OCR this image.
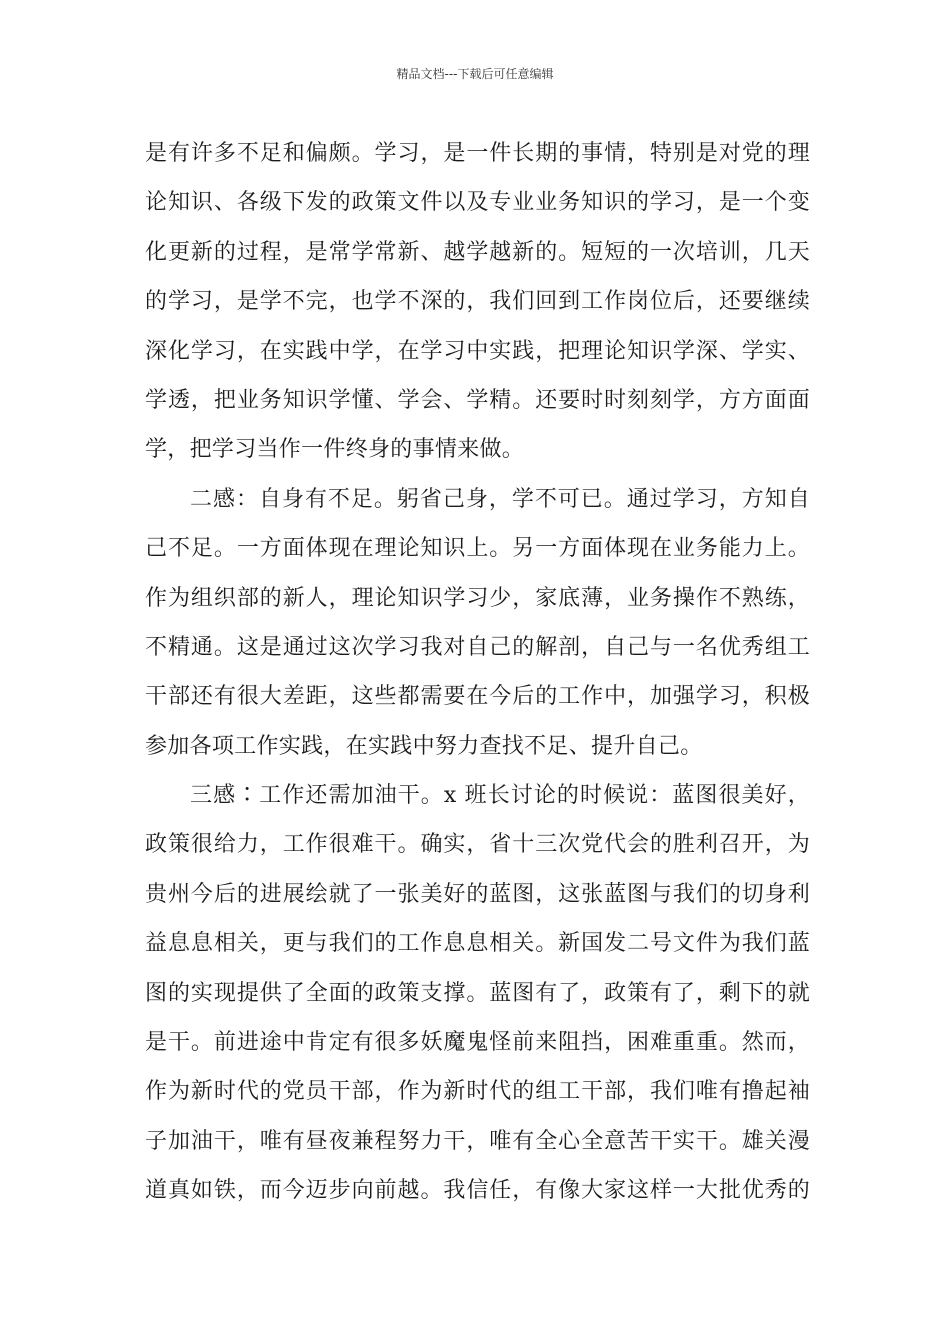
精品文档---下载后可任意编辑
是有许多不足和偏颇。学习，是一件长期的事情，特别是对党的理
论知识、各级下发的政策文件以及专业业务知识的学习，是一个变
化更新的过程，是常学常新、越学越新的。短短的一次培训，几天
的学习，是学不完，也学不深的，我们回到工作岗位后，还要继续
深化学习，在实践中学，在学习中实践，把理论知识学深、学实、
学透，把业务知识学懂、学会、学精。还要时时刻刻学，方方面面
学，把学习当作一件终身的事情来做。
二感：自身有不足。躬省己身，学不可已。通过学习，方知自
己不足。一方面体现在理论知识上。另一方面体现在业务能力上。
作为组织部的新人，理论知识学习少，家底薄，业务操作不熟练，
不精通。这是通过这次学习我对自己的解剖，自己与一名优秀组工
干部还有很大差距，这些都需要在今后的工作中，加强学习，积极
参加各项工作实践，在实践中努力查找不足、提升自己。
三感∶工作还需加油干。x 班长讨论的时候说：蓝图很美好，
政策很给力，工作很难干。确实，省十三次党代会的胜利召开，为
贵州今后的进展绘就了一张美好的蓝图，这张蓝图与我们的切身利
益息息相关，更与我们的工作息息相关。新国发二号文件为我们蓝
图的实现提供了全面的政策支撑。蓝图有了，政策有了，剩下的就
是干。前进途中肯定有很多妖魔鬼怪前来阻挡，困难重重。然而，
作为新时代的党员干部，作为新时代的组工干部，我们唯有撸起袖
子加油干，唯有昼夜兼程努力干，唯有全心全意苦干实干。雄关漫
道真如铁，而今迈步向前越。我信任，有像大家这样一大批优秀的
